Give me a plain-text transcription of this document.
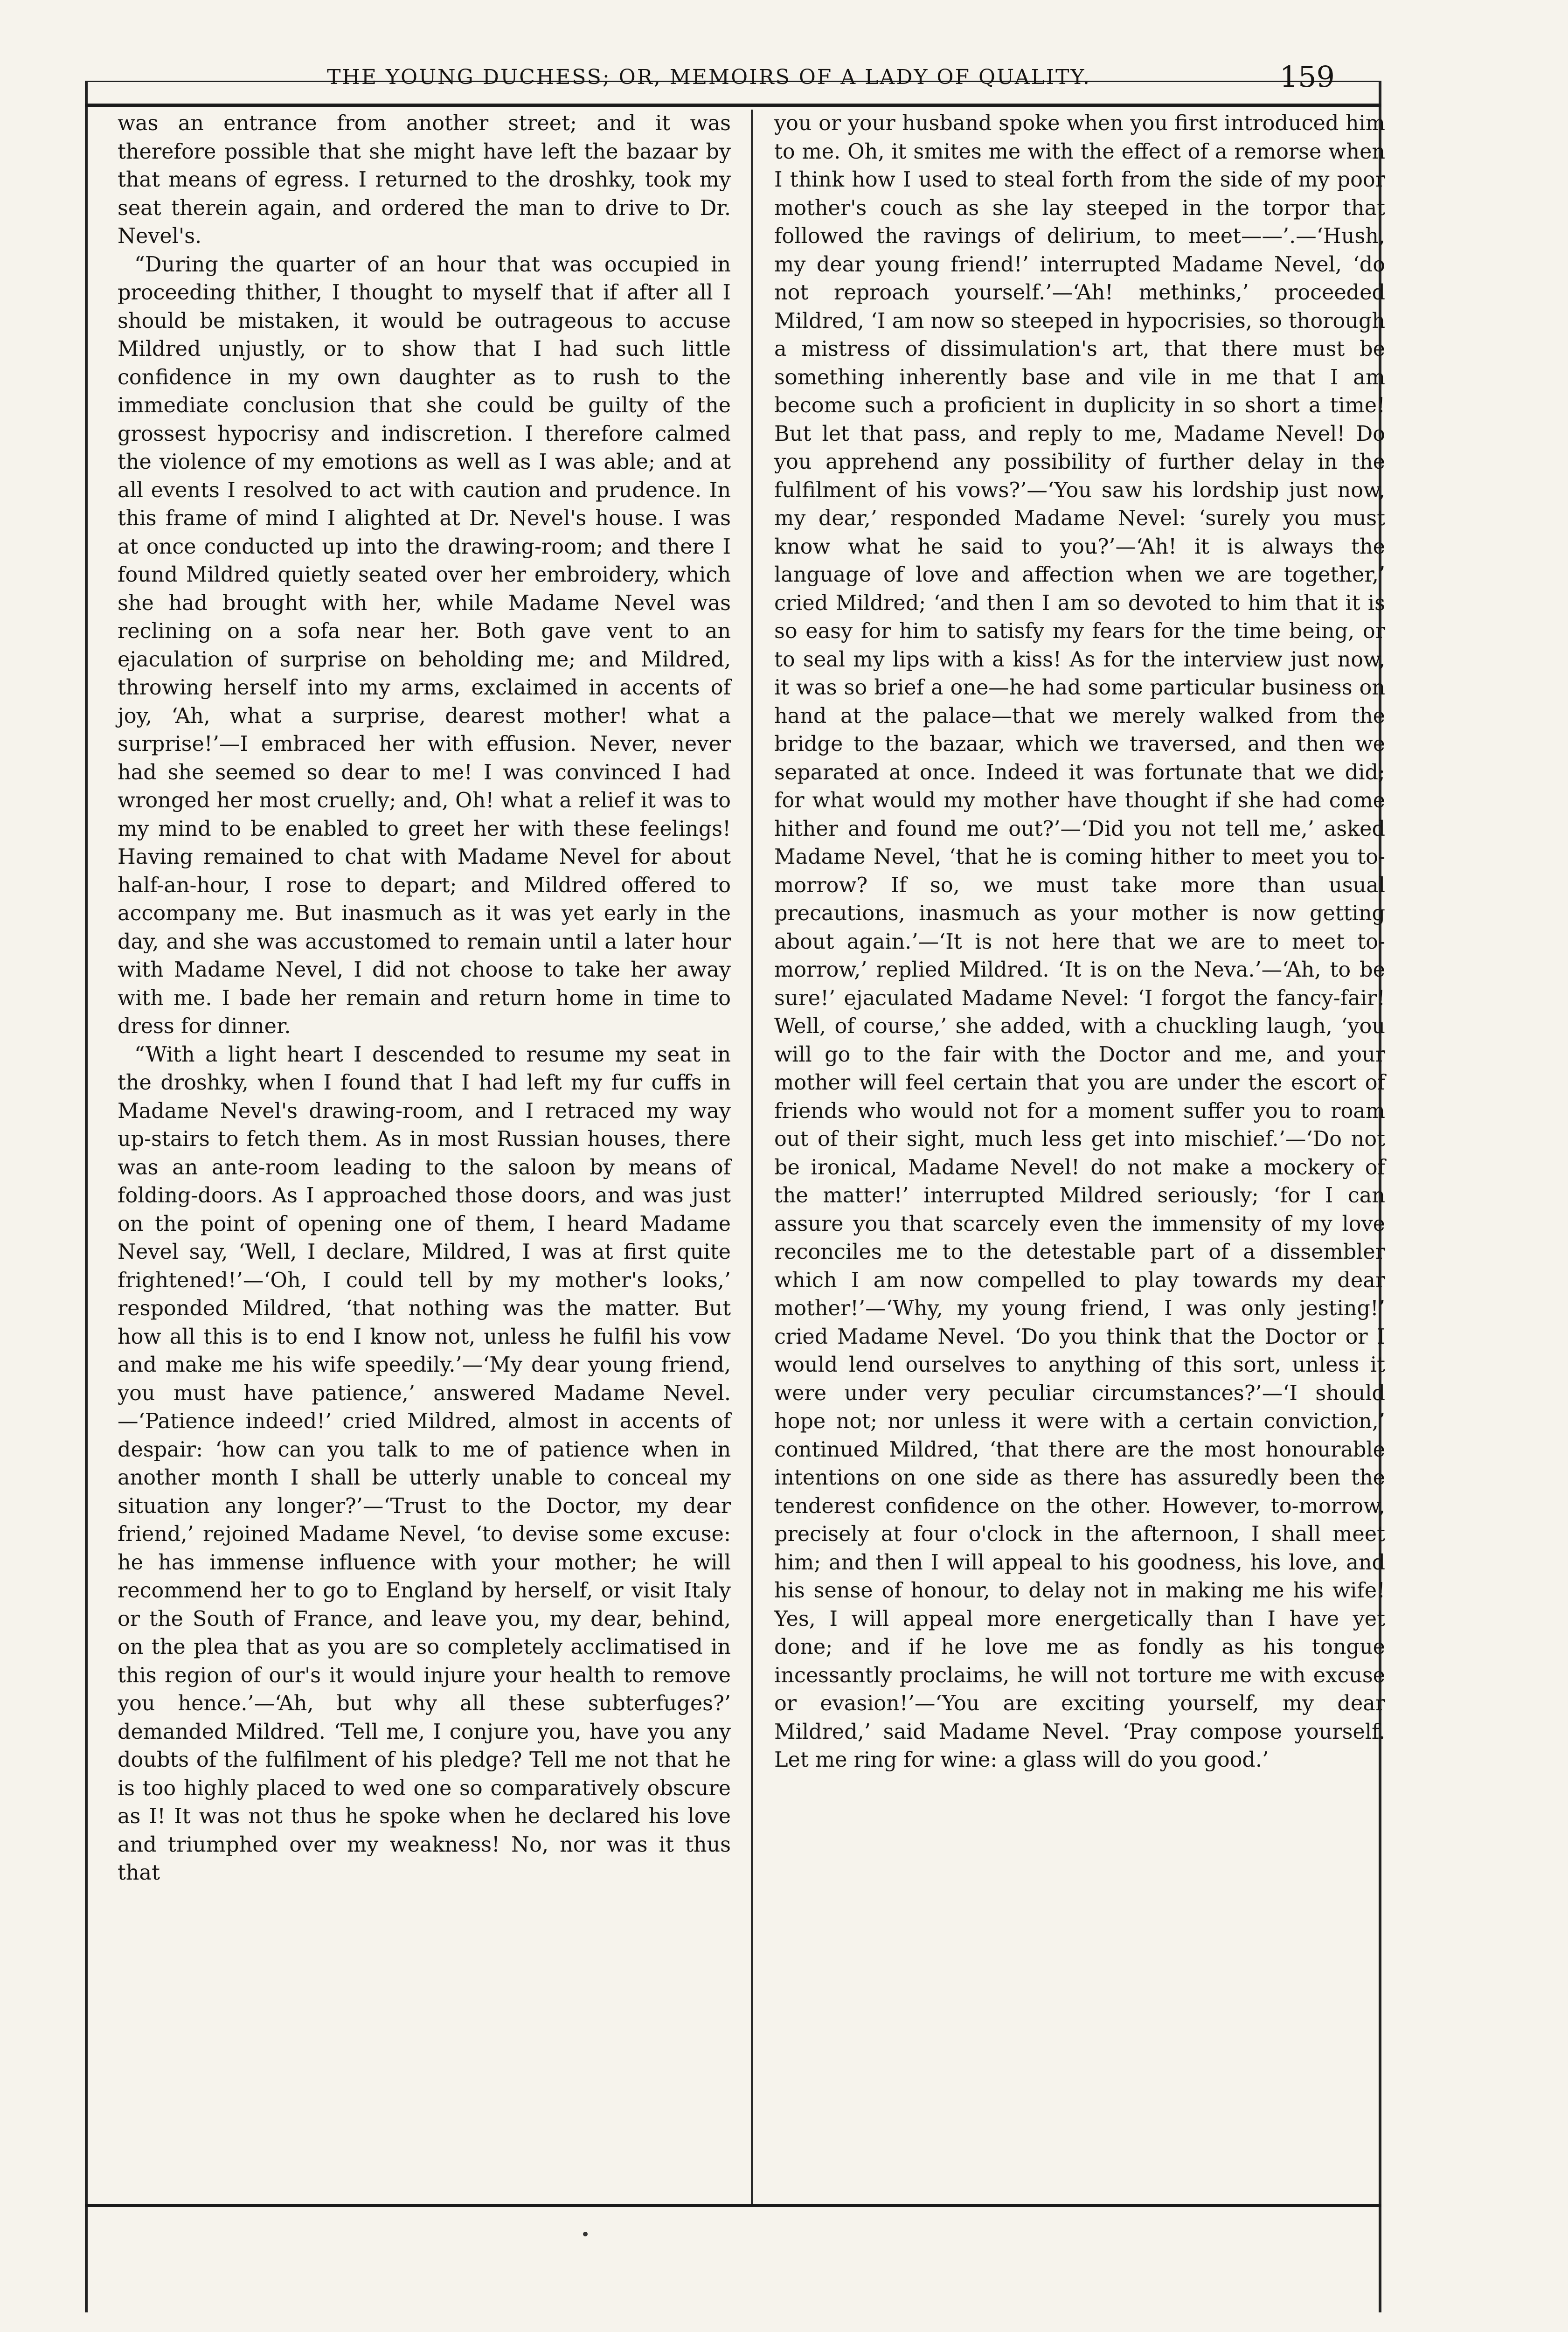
THE YOUNG DUCHESS; OR, MEMOIRS OF A LADY OF QUALITY.	159

was an entrance from another street; and it was therefore possible that she might have left the bazaar by that means of egress. I returned to the droshky, took my seat therein again, and ordered the man to drive to Dr. Nevel's.

“During the quarter of an hour that was occupied in proceeding thither, I thought to myself that if after all I should be mistaken, it would be outrageous to accuse Mildred unjustly, or to show that I had such little confidence in my own daughter as to rush to the immediate conclusion that she could be guilty of the grossest hypocrisy and indiscretion. I therefore calmed the violence of my emotions as well as I was able; and at all events I resolved to act with caution and prudence. In this frame of mind I alighted at Dr. Nevel's house. I was at once conducted up into the drawing-room; and there I found Mildred quietly seated over her embroidery, which she had brought with her, while Madame Nevel was reclining on a sofa near her. Both gave vent to an ejaculation of surprise on beholding me; and Mildred, throwing herself into my arms, exclaimed in accents of joy, ‘Ah, what a surprise, dearest mother! what a surprise!’—I embraced her with effusion. Never, never had she seemed so dear to me! I was convinced I had wronged her most cruelly; and, Oh! what a relief it was to my mind to be enabled to greet her with these feelings! Having remained to chat with Madame Nevel for about half-an-hour, I rose to depart; and Mildred offered to accompany me. But inasmuch as it was yet early in the day, and she was accustomed to remain until a later hour with Madame Nevel, I did not choose to take her away with me. I bade her remain and return home in time to dress for dinner.

“With a light heart I descended to resume my seat in the droshky, when I found that I had left my fur cuffs in Madame Nevel's drawing-room, and I retraced my way up-stairs to fetch them. As in most Russian houses, there was an ante-room leading to the saloon by means of folding-doors. As I approached those doors, and was just on the point of opening one of them, I heard Madame Nevel say, ‘Well, I declare, Mildred, I was at first quite frightened!’—‘Oh, I could tell by my mother's looks,’ responded Mildred, ‘that nothing was the matter. But how all this is to end I know not, unless he fulfil his vow and make me his wife speedily.’—‘My dear young friend, you must have patience,’ answered Madame Nevel.—‘Patience indeed!’ cried Mildred, almost in accents of despair: ‘how can you talk to me of patience when in another month I shall be utterly unable to conceal my situation any longer?’—‘Trust to the Doctor, my dear friend,’ rejoined Madame Nevel, ‘to devise some excuse: he has immense influence with your mother; he will recommend her to go to England by herself, or visit Italy or the South of France, and leave you, my dear, behind, on the plea that as you are so completely acclimatised in this region of our's it would injure your health to remove you hence.’—‘Ah, but why all these subterfuges?’ demanded Mildred. ‘Tell me, I conjure you, have you any doubts of the fulfilment of his pledge? Tell me not that he is too highly placed to wed one so comparatively obscure as I! It was not thus he spoke when he declared his love and triumphed over my weakness! No, nor was it thus that

you or your husband spoke when you first introduced him to me. Oh, it smites me with the effect of a remorse when I think how I used to steal forth from the side of my poor mother's couch as she lay steeped in the torpor that followed the ravings of delirium, to meet——’.—‘Hush, my dear young friend!’ interrupted Madame Nevel, ‘do not reproach yourself.’—‘Ah! methinks,’ proceeded Mildred, ‘I am now so steeped in hypocrisies, so thorough a mistress of dissimulation's art, that there must be something inherently base and vile in me that I am become such a proficient in duplicity in so short a time! But let that pass, and reply to me, Madame Nevel! Do you apprehend any possibility of further delay in the fulfilment of his vows?’—‘You saw his lordship just now, my dear,’ responded Madame Nevel: ‘surely you must know what he said to you?’—‘Ah! it is always the language of love and affection when we are together,’ cried Mildred; ‘and then I am so devoted to him that it is so easy for him to satisfy my fears for the time being, or to seal my lips with a kiss! As for the interview just now, it was so brief a one—he had some particular business on hand at the palace—that we merely walked from the bridge to the bazaar, which we traversed, and then we separated at once. Indeed it was fortunate that we did; for what would my mother have thought if she had come hither and found me out?’—‘Did you not tell me,’ asked Madame Nevel, ‘that he is coming hither to meet you to-morrow? If so, we must take more than usual precautions, inasmuch as your mother is now getting about again.’—‘It is not here that we are to meet to-morrow,’ replied Mildred. ‘It is on the Neva.’—‘Ah, to be sure!’ ejaculated Madame Nevel: ‘I forgot the fancy-fair! Well, of course,’ she added, with a chuckling laugh, ‘you will go to the fair with the Doctor and me, and your mother will feel certain that you are under the escort of friends who would not for a moment suffer you to roam out of their sight, much less get into mischief.’—‘Do not be ironical, Madame Nevel! do not make a mockery of the matter!’ interrupted Mildred seriously; ‘for I can assure you that scarcely even the immensity of my love reconciles me to the detestable part of a dissembler which I am now compelled to play towards my dear mother!’—‘Why, my young friend, I was only jesting!’ cried Madame Nevel. ‘Do you think that the Doctor or I would lend ourselves to anything of this sort, unless it were under very peculiar circumstances?’—‘I should hope not; nor unless it were with a certain conviction,’ continued Mildred, ‘that there are the most honourable intentions on one side as there has assuredly been the tenderest confidence on the other. However, to-morrow, precisely at four o'clock in the afternoon, I shall meet him; and then I will appeal to his goodness, his love, and his sense of honour, to delay not in making me his wife! Yes, I will appeal more energetically than I have yet done; and if he love me as fondly as his tongue incessantly proclaims, he will not torture me with excuse or evasion!’—‘You are exciting yourself, my dear Mildred,’ said Madame Nevel. ‘Pray compose yourself. Let me ring for wine: a glass will do you good.’
